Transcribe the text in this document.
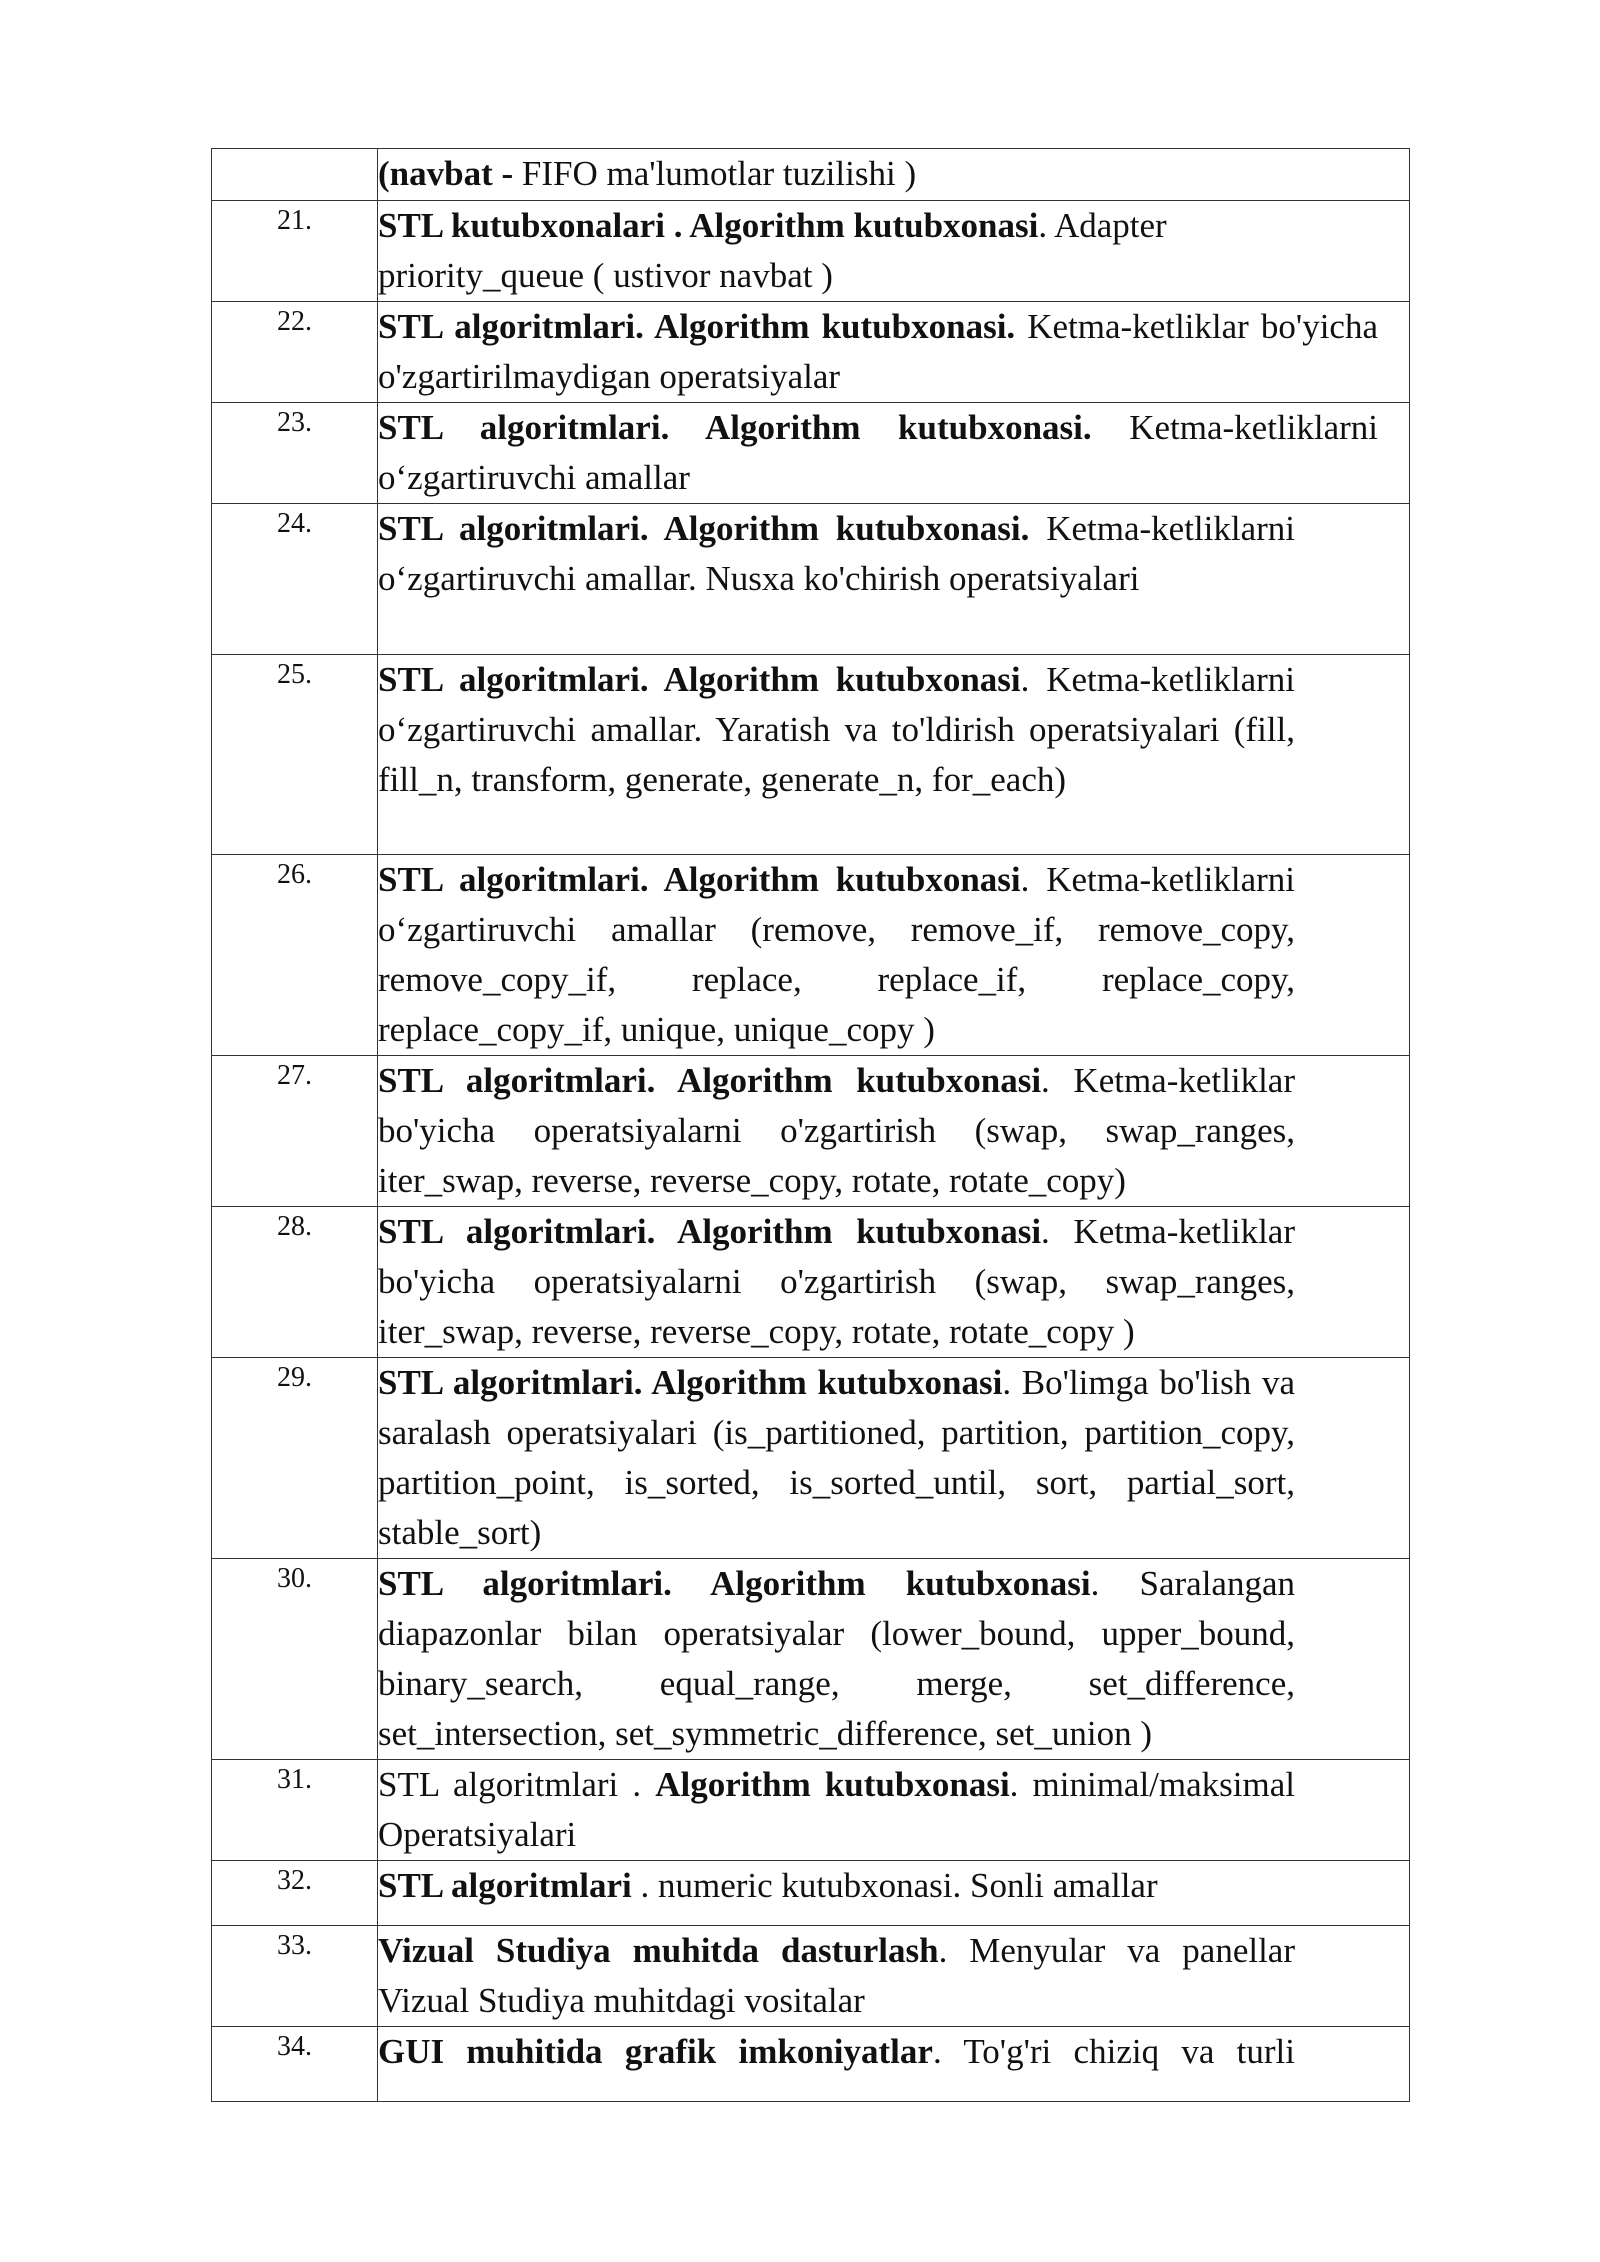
	(navbat - FIFO ma'lumotlar tuzilishi )

21.	STL kutubxonalari . Algorithm kutubxonasi. Adapter priority_queue ( ustivor navbat )

22.	STL algoritmlari. Algorithm kutubxonasi. Ketma-ketliklar bo'yicha o'zgartirilmaydigan operatsiyalar

23.	STL algoritmlari. Algorithm kutubxonasi. Ketma-ketliklarni oʻzgartiruvchi amallar

24.	STL algoritmlari. Algorithm kutubxonasi. Ketma-ketliklarni oʻzgartiruvchi amallar. Nusxa ko'chirish operatsiyalari

25.	STL algoritmlari. Algorithm kutubxonasi. Ketma-ketliklarni oʻzgartiruvchi amallar. Yaratish va to'ldirish operatsiyalari (fill, fill_n, transform, generate, generate_n, for_each)

26.	STL algoritmlari. Algorithm kutubxonasi. Ketma-ketliklarni oʻzgartiruvchi amallar (remove, remove_if, remove_copy, remove_copy_if, replace, replace_if, replace_copy, replace_copy_if, unique, unique_copy )

27.	STL algoritmlari. Algorithm kutubxonasi. Ketma-ketliklar bo'yicha operatsiyalarni o'zgartirish (swap, swap_ranges, iter_swap, reverse, reverse_copy, rotate, rotate_copy)

28.	STL algoritmlari. Algorithm kutubxonasi. Ketma-ketliklar bo'yicha operatsiyalarni o'zgartirish (swap, swap_ranges, iter_swap, reverse, reverse_copy, rotate, rotate_copy )

29.	STL algoritmlari. Algorithm kutubxonasi. Bo'limga bo'lish va saralash operatsiyalari (is_partitioned, partition, partition_copy, partition_point, is_sorted, is_sorted_until, sort, partial_sort, stable_sort)

30.	STL algoritmlari. Algorithm kutubxonasi. Saralangan diapazonlar bilan operatsiyalar (lower_bound, upper_bound, binary_search, equal_range, merge, set_difference, set_intersection, set_symmetric_difference, set_union )

31.	STL algoritmlari . Algorithm kutubxonasi. minimal/maksimal Operatsiyalari

32.	STL algoritmlari . numeric kutubxonasi. Sonli amallar

33.	Vizual Studiya muhitda dasturlash. Menyular va panellar Vizual Studiya muhitdagi vositalar

34.	GUI muhitida grafik imkoniyatlar. To'g'ri chiziq va turli
